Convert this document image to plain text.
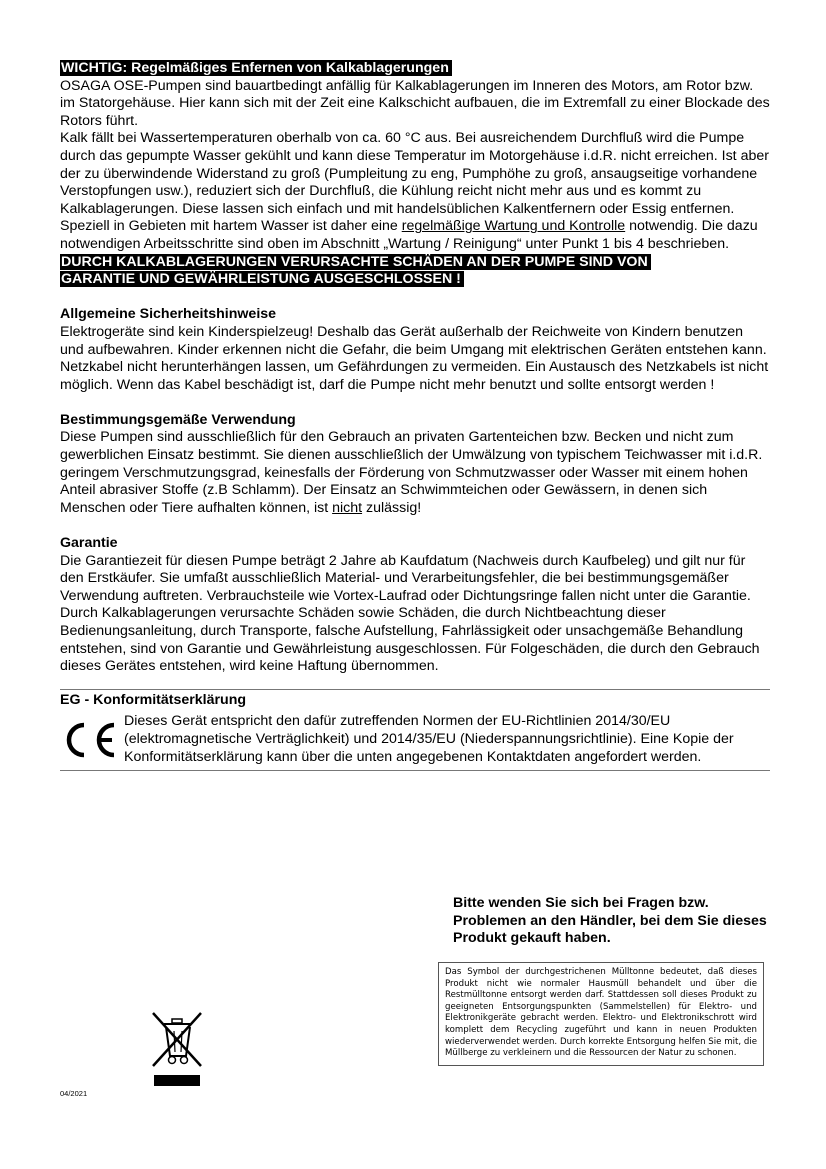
WICHTIG: Regelmäßiges Enfernen von Kalkablagerungen

OSAGA OSE-Pumpen sind bauartbedingt anfällig für Kalkablagerungen im Inneren des Motors, am Rotor bzw. im Statorgehäuse. Hier kann sich mit der Zeit eine Kalkschicht aufbauen, die im Extremfall zu einer Blockade des Rotors führt.

Kalk fällt bei Wassertemperaturen oberhalb von ca. 60 °C aus. Bei ausreichendem Durchfluß wird die Pumpe durch das gepumpte Wasser gekühlt und kann diese Temperatur im Motorgehäuse i.d.R. nicht erreichen. Ist aber der zu überwindende Widerstand zu groß (Pumpleitung zu eng, Pumphöhe zu groß, ansaugseitige vorhandene Verstopfungen usw.), reduziert sich der Durchfluß, die Kühlung reicht nicht mehr aus und es kommt zu Kalkablagerungen. Diese lassen sich einfach und mit handelsüblichen Kalkentfernern oder Essig entfernen.

Speziell in Gebieten mit hartem Wasser ist daher eine regelmäßige Wartung und Kontrolle notwendig. Die dazu notwendigen Arbeitsschritte sind oben im Abschnitt „Wartung / Reinigung“ unter Punkt 1 bis 4 beschrieben.

DURCH KALKABLAGERUNGEN VERURSACHTE SCHÄDEN AN DER PUMPE SIND VON

GARANTIE UND GEWÄHRLEISTUNG AUSGESCHLOSSEN !

Allgemeine Sicherheitshinweise

Elektrogeräte sind kein Kinderspielzeug! Deshalb das Gerät außerhalb der Reichweite von Kindern benutzen und aufbewahren. Kinder erkennen nicht die Gefahr, die beim Umgang mit elektrischen Geräten entstehen kann. Netzkabel nicht herunterhängen lassen, um Gefährdungen zu vermeiden. Ein Austausch des Netzkabels ist nicht möglich. Wenn das Kabel beschädigt ist, darf die Pumpe nicht mehr benutzt und sollte entsorgt werden !

Bestimmungsgemäße Verwendung

Diese Pumpen sind ausschließlich für den Gebrauch an privaten Gartenteichen bzw. Becken und nicht zum gewerblichen Einsatz bestimmt. Sie dienen ausschließlich der Umwälzung von typischem Teichwasser mit i.d.R. geringem Verschmutzungsgrad, keinesfalls der Förderung von Schmutzwasser oder Wasser mit einem hohen Anteil abrasiver Stoffe (z.B Schlamm). Der Einsatz an Schwimmteichen oder Gewässern, in denen sich Menschen oder Tiere aufhalten können, ist nicht zulässig!

Garantie

Die Garantiezeit für diesen Pumpe beträgt 2 Jahre ab Kaufdatum (Nachweis durch Kaufbeleg) und gilt nur für den Erstkäufer. Sie umfaßt ausschließlich Material- und Verarbeitungsfehler, die bei bestimmungsgemäßer Verwendung auftreten. Verbrauchsteile wie Vortex-Laufrad oder Dichtungsringe fallen nicht unter die Garantie. Durch Kalkablagerungen verursachte Schäden sowie Schäden, die durch Nichtbeachtung dieser Bedienungsanleitung, durch Transporte, falsche Aufstellung, Fahrlässigkeit oder unsachgemäße Behandlung entstehen, sind von Garantie und Gewährleistung ausgeschlossen. Für Folgeschäden, die durch den Gebrauch dieses Gerätes entstehen, wird keine Haftung übernommen.

EG - Konformitätserklärung
Dieses Gerät entspricht den dafür zutreffenden Normen der EU-Richtlinien 2014/30/EU (elektromagnetische Verträglichkeit) und 2014/35/EU (Niederspannungsrichtlinie). Eine Kopie der Konformitätserklärung kann über die unten angegebenen Kontaktdaten angefordert werden.
Bitte wenden Sie sich bei Fragen bzw. Problemen an den Händler, bei dem Sie dieses Produkt gekauft haben.
Das Symbol der durchgestrichenen Mülltonne bedeutet, daß dieses Produkt nicht wie normaler Hausmüll behandelt und über die Restmülltonne entsorgt werden darf. Stattdessen soll dieses Produkt zu geeigneten Entsorgungspunkten (Sammelstellen) für Elektro- und Elektronikgeräte gebracht werden. Elektro- und Elektronikschrott wird komplett dem Recycling zugeführt und kann in neuen Produkten wiederverwendet werden. Durch korrekte Entsorgung helfen Sie mit, die Müllberge zu verkleinern und die Ressourcen der Natur zu schonen.
04/2021
